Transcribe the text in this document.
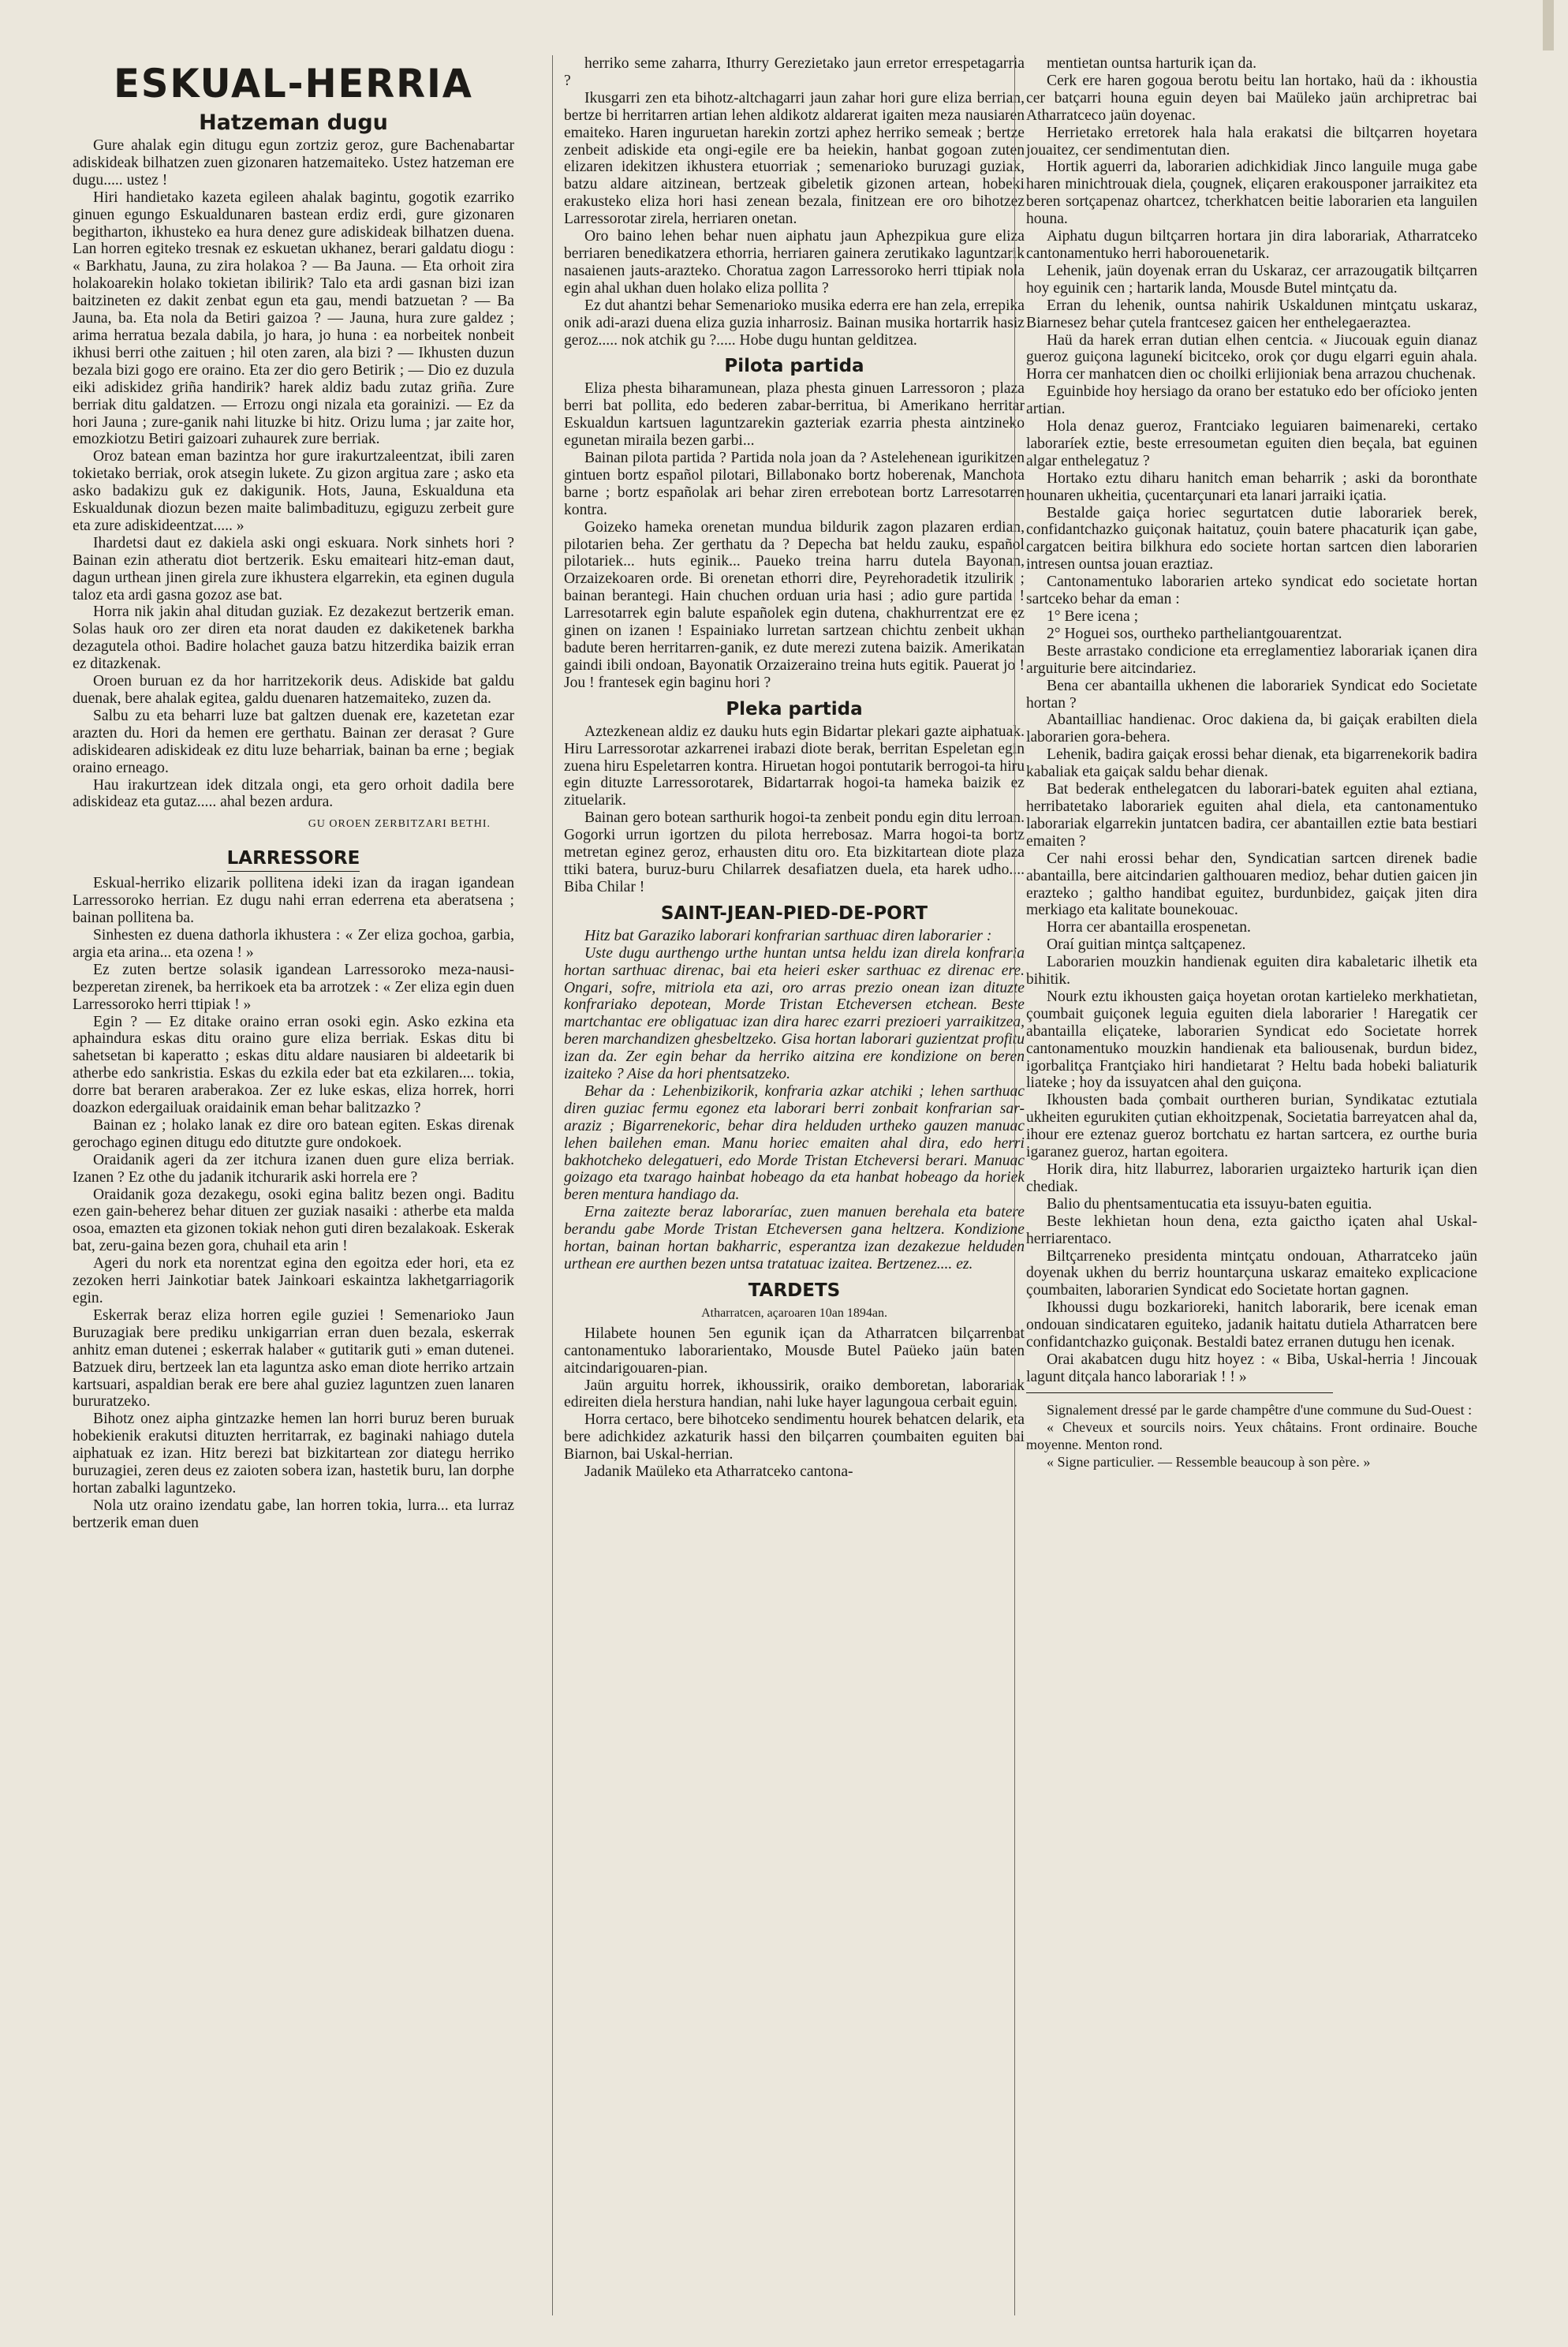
ESKUAL-HERRIA
Hatzeman dugu

Gure ahalak egin ditugu egun zortziz geroz, gure Bachenabartar adiskideak bilhatzen zuen gizonaren hatzemaiteko. Ustez hatzeman ere dugu..... ustez !

Hiri handietako kazeta egileen ahalak bagintu, gogotik ezarriko ginuen egungo Eskualdunaren bastean erdiz erdi, gure gizonaren begitharton, ikhusteko ea hura denez gure adiskideak bilhatzen duena. Lan horren egiteko tresnak ez eskuetan ukhanez, berari galdatu diogu : « Barkhatu, Jauna, zu zira holakoa ? — Ba Jauna. — Eta orhoit zira holakoarekin holako tokietan ibilirik? Talo eta ardi gasnan bizi izan baitzineten ez dakit zenbat egun eta gau, mendi batzuetan ? — Ba Jauna, ba. Eta nola da Betiri gaizoa ? — Jauna, hura zure galdez ; arima herratua bezala dabila, jo hara, jo huna : ea norbeitek nonbeit ikhusi berri othe zaituen ; hil oten zaren, ala bizi ? — Ikhusten duzun bezala bizi gogo ere oraino. Eta zer dio gero Betirik ; — Dio ez duzula eiki adiskidez griña handirik? harek aldiz badu zutaz griña. Zure berriak ditu galdatzen. — Errozu ongi nizala eta gorainizi. — Ez da hori Jauna ; zure-ganik nahi lituzke bi hitz. Orizu luma ; jar zaite hor, emozkiotzu Betiri gaizoari zuhaurek zure berriak.

Oroz batean eman bazintza hor gure irakurtzaleentzat, ibili zaren tokietako berriak, orok atsegin lukete. Zu gizon argitua zare ; asko eta asko badakizu guk ez dakigunik. Hots, Jauna, Eskualduna eta Eskualdunak diozun bezen maite balimbadituzu, egiguzu zerbeit gure eta zure adiskideentzat..... »

Ihardetsi daut ez dakiela aski ongi eskuara. Nork sinhets hori ? Bainan ezin atheratu diot bertzerik. Esku emaiteari hitz-eman daut, dagun urthean jinen girela zure ikhustera elgarrekin, eta eginen dugula taloz eta ardi gasna gozoz ase bat.

Horra nik jakin ahal ditudan guziak. Ez dezakezut bertzerik eman. Solas hauk oro zer diren eta norat dauden ez dakiketenek barkha dezagutela othoi. Badire holachet gauza batzu hitzerdika baizik erran ez ditazkenak.

Oroen buruan ez da hor harritzekorik deus. Adiskide bat galdu duenak, bere ahalak egitea, galdu duenaren hatzemaiteko, zuzen da.

Salbu zu eta beharri luze bat galtzen duenak ere, kazetetan ezar arazten du. Hori da hemen ere gerthatu. Bainan zer derasat ? Gure adiskidearen adiskideak ez ditu luze beharriak, bainan ba erne ; begiak oraino erneago.

Hau irakurtzean idek ditzala ongi, eta gero orhoit dadila bere adiskideaz eta gutaz..... ahal bezen ardura.

GU OROEN ZERBITZARI BETHI.
LARRESSORE

Eskual-herriko elizarik pollitena ideki izan da iragan igandean Larressoroko herrian. Ez dugu nahi erran ederrena eta aberatsena ; bainan pollitena ba.

Sinhesten ez duena dathorla ikhustera : « Zer eliza gochoa, garbia, argia eta arina... eta ozena ! »

Ez zuten bertze solasik igandean Larressoroko meza-nausi-bezperetan zirenek, ba herrikoek eta ba arrotzek : « Zer eliza egin duen Larressoroko herri ttipiak ! »

Egin ? — Ez ditake oraino erran osoki egin. Asko ezkina eta aphaindura eskas ditu oraino gure eliza berriak. Eskas ditu bi sahetsetan bi kaperatto ; eskas ditu aldare nausiaren bi aldeetarik bi atherbe edo sankristia. Eskas du ezkila eder bat eta ezkilaren.... tokia, dorre bat beraren araberakoa. Zer ez luke eskas, eliza horrek, horri doazkon edergailuak oraidainik eman behar balitzazko ?

Bainan ez ; holako lanak ez dire oro batean egiten. Eskas direnak gerochago eginen ditugu edo ditutzte gure ondokoek.

Oraidanik ageri da zer itchura izanen duen gure eliza berriak. Izanen ? Ez othe du jadanik itchurarik aski horrela ere ?

Oraidanik goza dezakegu, osoki egina balitz bezen ongi. Baditu ezen gain-beherez behar dituen zer guziak nasaiki : atherbe eta malda osoa, emazten eta gizonen tokiak nehon guti diren bezalakoak. Eskerak bat, zeru-gaina bezen gora, chuhail eta arin !

Ageri du nork eta norentzat egina den egoitza eder hori, eta ez zezoken herri Jainkotiar batek Jainkoari eskaintza lakhetgarriagorik egin.

Eskerrak beraz eliza horren egile guziei ! Semenarioko Jaun Buruzagiak bere prediku unkigarrian erran duen bezala, eskerrak anhitz eman dutenei ; eskerrak halaber « gutitarik guti » eman dutenei. Batzuek diru, bertzeek lan eta laguntza asko eman diote herriko artzain kartsuari, aspaldian berak ere bere ahal guziez laguntzen zuen lanaren bururatzeko.

Bihotz onez aipha gintzazke hemen lan horri buruz beren buruak hobekienik erakutsi dituzten herritarrak, ez baginaki nahiago dutela aiphatuak ez izan. Hitz berezi bat bizkitartean zor diategu herriko buruzagiei, zeren deus ez zaioten sobera izan, hastetik buru, lan dorphe hortan zabalki laguntzeko.

Nola utz oraino izendatu gabe, lan horren tokia, lurra... eta lurraz bertzerik eman duen

herriko seme zaharra, Ithurry Gerezietako jaun erretor errespetagarria ?

Ikusgarri zen eta bihotz-altchagarri jaun zahar hori gure eliza berrian, bertze bi herritarren artian lehen aldikotz aldarerat igaiten meza nausiaren emaiteko. Haren inguruetan harekin zortzi aphez herriko semeak ; bertze zenbeit adiskide eta ongi-egile ere ba heiekin, hanbat gogoan zuten elizaren idekitzen ikhustera etuorriak ; semenarioko buruzagi guziak, batzu aldare aitzinean, bertzeak gibeletik gizonen artean, hobeki erakusteko eliza hori hasi zenean bezala, finitzean ere oro bihotzez Larressorotar zirela, herriaren onetan.

Oro baino lehen behar nuen aiphatu jaun Aphezpikua gure eliza berriaren benedikatzera ethorria, herriaren gainera zerutikako laguntzarik nasaienen jauts-arazteko. Choratua zagon Larressoroko herri ttipiak nola egin ahal ukhan duen holako eliza pollita ?

Ez dut ahantzi behar Semenarioko musika ederra ere han zela, errepika onik adi-arazi duena eliza guzia inharrosiz. Bainan musika hortarrik hasiz geroz..... nok atchik gu ?..... Hobe dugu huntan gelditzea.

Pilota partida

Eliza phesta biharamunean, plaza phesta ginuen Larressoron ; plaza berri bat pollita, edo bederen zabar-berritua, bi Amerikano herritar Eskualdun kartsuen laguntzarekin gazteriak ezarria phesta aintzineko egunetan miraila bezen garbi...

Bainan pilota partida ? Partida nola joan da ? Astelehenean igurikitzen gintuen bortz español pilotari, Billabonako bortz hoberenak, Manchota barne ; bortz españolak ari behar ziren errebotean bortz Larresotarren kontra.

Goizeko hameka orenetan mundua bildurik zagon plazaren erdian, pilotarien beha. Zer gerthatu da ? Depecha bat heldu zauku, español pilotariek... huts eginik... Paueko treina harru dutela Bayonan, Orzaizekoaren orde. Bi orenetan ethorri dire, Peyrehoradetik itzulirik ; bainan berantegi. Hain chuchen orduan uria hasi ; adio gure partida ! Larresotarrek egin balute españolek egin dutena, chakhurrentzat ere ez ginen on izanen ! Espainiako lurretan sartzean chichtu zenbeit ukhan badute beren herritarren-ganik, ez dute merezi zutena baizik. Amerikatan gaindi ibili ondoan, Bayonatik Orzaizeraino treina huts egitik. Pauerat jo ! Jou ! frantesek egin baginu hori ?

Pleka partida

Aztezkenean aldiz ez dauku huts egin Bidartar plekari gazte aiphatuak. Hiru Larressorotar azkarrenei irabazi diote berak, berritan Espeletan egin zuena hiru Espeletarren kontra. Hiruetan hogoi pontutarik berrogoi-ta hiru egin dituzte Larressorotarek, Bidartarrak hogoi-ta hameka baizik ez zituelarik.

Bainan gero botean sarthurik hogoi-ta zenbeit pondu egin ditu lerroan. Gogorki urrun igortzen du pilota herrebosaz. Marra hogoi-ta bortz metretan eginez geroz, erhausten ditu oro. Eta bizkitartean diote plaza ttiki batera, buruz-buru Chilarrek desafiatzen duela, eta harek udho.... Biba Chilar !

SAINT-JEAN-PIED-DE-PORT

Hitz bat Garaziko laborari konfrarian sarthuac diren laborarier :

Uste dugu aurthengo urthe huntan untsa heldu izan direla konfraria hortan sarthuac direnac, bai eta heieri esker sarthuac ez direnac ere. Ongari, sofre, mitriola eta azi, oro arras prezio onean izan dituzte konfrariako depotean, Morde Tristan Etcheversen etchean. Beste martchantac ere obligatuac izan dira harec ezarri prezioeri yarraikitzea, beren marchandizen ghesbeltzeko. Gisa hortan laborari guzientzat profitu izan da. Zer egin behar da herriko aitzina ere kondizione on beren izaiteko ? Aise da hori phentsatzeko.

Behar da : Lehenbizikorik, konfraria azkar atchiki ; lehen sarthuac diren guziac fermu egonez eta laborari berri zonbait konfrarian sar-araziz ; Bigarrenekoric, behar dira helduden urtheko gauzen manuac lehen bailehen eman. Manu horiec emaiten ahal dira, edo herri bakhotcheko delegatueri, edo Morde Tristan Etcheversi berari. Manuac goizago eta txarago hainbat hobeago da eta hanbat hobeago da horiek beren mentura handiago da.

Erna zaitezte beraz laboraríac, zuen manuen berehala eta batere berandu gabe Morde Tristan Etcheversen gana heltzera. Kondizione hortan, bainan hortan bakharric, esperantza izan dezakezue helduden urthean ere aurthen bezen untsa tratatuac izaitea. Bertzenez.... ez.

TARDETS
Atharratcen, açaroaren 10an 1894an.

Hilabete hounen 5en egunik içan da Atharratcen bilçarrenbat cantonamentuko laborarientako, Mousde Butel Paüeko jaün baten aitcindarigouaren-pian.

Jaün arguitu horrek, ikhoussirik, oraiko demboretan, laborariak edireiten diela herstura handian, nahi luke hayer lagungoua cerbait eguin.

Horra certaco, bere bihotceko sendimentu hourek behatcen delarik, eta bere adichkidez azkaturik hassi den bilçarren çoumbaiten eguiten bai Biarnon, bai Uskal-herrian.

Jadanik Maüleko eta Atharratceko cantona-

mentietan ountsa harturik içan da.

Cerk ere haren gogoua berotu beitu lan hortako, haü da : ikhoustia cer batçarri houna eguin deyen bai Maüleko jaün archipretrac bai Atharratceco jaün doyenac.

Herrietako erretorek hala hala erakatsi die biltçarren hoyetara jouaitez, cer sendimentutan dien.

Hortik aguerri da, laborarien adichkidiak Jinco languile muga gabe haren minichtrouak diela, çougnek, eliçaren erakousponer jarraikitez eta beren sortçapenaz ohartcez, tcherkhatcen beitie laborarien eta languilen houna.

Aiphatu dugun biltçarren hortara jin dira laborariak, Atharratceko cantonamentuko herri haborouenetarik.

Lehenik, jaün doyenak erran du Uskaraz, cer arrazougatik biltçarren hoy eguinik cen ; hartarik landa, Mousde Butel mintçatu da.

Erran du lehenik, ountsa nahirik Uskaldunen mintçatu uskaraz, Biarnesez behar çutela frantcesez gaicen her enthelegaeraztea.

Haü da harek erran dutian elhen centcia. « Jiucouak eguin dianaz gueroz guiçona lagunekí bicitceko, orok çor dugu elgarri eguin ahala. Horra cer manhatcen dien oc choilki erlijioniak bena arrazou chuchenak.

Eguinbide hoy hersiago da orano ber estatuko edo ber ofícioko jenten artian.

Hola denaz gueroz, Frantciako leguiaren baimenareki, certako laboraríek eztie, beste erresoumetan eguiten dien beçala, bat eguinen algar enthelegatuz ?

Hortako eztu diharu hanitch eman beharrik ; aski da boronthate hounaren ukheitia, çucentarçunari eta lanari jarraiki içatia.

Bestalde gaiça horiec segurtatcen dutie laborariek berek, confidantchazko guiçonak haitatuz, çouin batere phacaturik içan gabe, cargatcen beitira bilkhura edo societe hortan sartcen dien laborarien intresen ountsa jouan eraztiaz.

Cantonamentuko laborarien arteko syndicat edo societate hortan sartceko behar da eman :

1° Bere icena ;

2° Hoguei sos, ourtheko partheliantgouarentzat.

Beste arrastako condicione eta erreglamentiez laborariak içanen dira arguiturie bere aitcindariez.

Bena cer abantailla ukhenen die laborariek Syndicat edo Societate hortan ?

Abantailliac handienac. Oroc dakiena da, bi gaiçak erabilten diela laborarien gora-behera.

Lehenik, badira gaiçak erossi behar dienak, eta bigarrenekorik badira kabaliak eta gaiçak saldu behar dienak.

Bat bederak enthelegatcen du laborari-batek eguiten ahal eztiana, herribatetako laborariek eguiten ahal diela, eta cantonamentuko laborariak elgarrekin juntatcen badira, cer abantaillen eztie bata bestiari emaiten ?

Cer nahi erossi behar den, Syndicatian sartcen direnek badie abantailla, bere aitcindarien galthouaren medioz, behar dutien gaicen jin erazteko ; galtho handibat eguitez, burdunbidez, gaiçak jiten dira merkiago eta kalitate bounekouac.

Horra cer abantailla erospenetan.

Oraí guitian mintça saltçapenez.

Laborarien mouzkin handienak eguiten dira kabaletaric ilhetik eta bihitik.

Nourk eztu ikhousten gaiça hoyetan orotan kartieleko merkhatietan, çoumbait guiçonek leguia eguiten diela laborarier ! Haregatik cer abantailla eliçateke, laborarien Syndicat edo Societate horrek cantonamentuko mouzkin handienak eta baliousenak, burdun bidez, igorbalitça Frantçiako hiri handietarat ? Heltu bada hobeki baliaturik liateke ; hoy da issuyatcen ahal den guiçona.

Ikhousten bada çombait ourtheren burian, Syndikatac eztutiala ukheiten egurukiten çutian ekhoitzpenak, Societatia barreyatcen ahal da, ihour ere eztenaz gueroz bortchatu ez hartan sartcera, ez ourthe buria igaranez gueroz, hartan egoitera.

Horik dira, hitz llaburrez, laborarien urgaizteko harturik içan dien chediak.

Balio du phentsamentucatia eta issuyu-baten eguitia.

Beste lekhietan houn dena, ezta gaictho içaten ahal Uskal-herriarentaco.

Biltçarreneko presidenta mintçatu ondouan, Atharratceko jaün doyenak ukhen du berriz hountarçuna uskaraz emaiteko explicacione çoumbaiten, laborarien Syndicat edo Societate hortan gagnen.

Ikhoussi dugu bozkarioreki, hanitch laborarik, bere icenak eman ondouan sindicataren eguiteko, jadanik haitatu dutiela Atharratcen bere confidantchazko guiçonak. Bestaldi batez erranen dutugu hen icenak.

Orai akabatcen dugu hitz hoyez : « Biba, Uskal-herria ! Jincouak lagunt ditçala hanco laborariak ! ! »

Signalement dressé par le garde champêtre d'une commune du Sud-Ouest :

« Cheveux et sourcils noirs. Yeux châtains. Front ordinaire. Bouche moyenne. Menton rond.

« Signe particulier. — Ressemble beaucoup à son père. »
